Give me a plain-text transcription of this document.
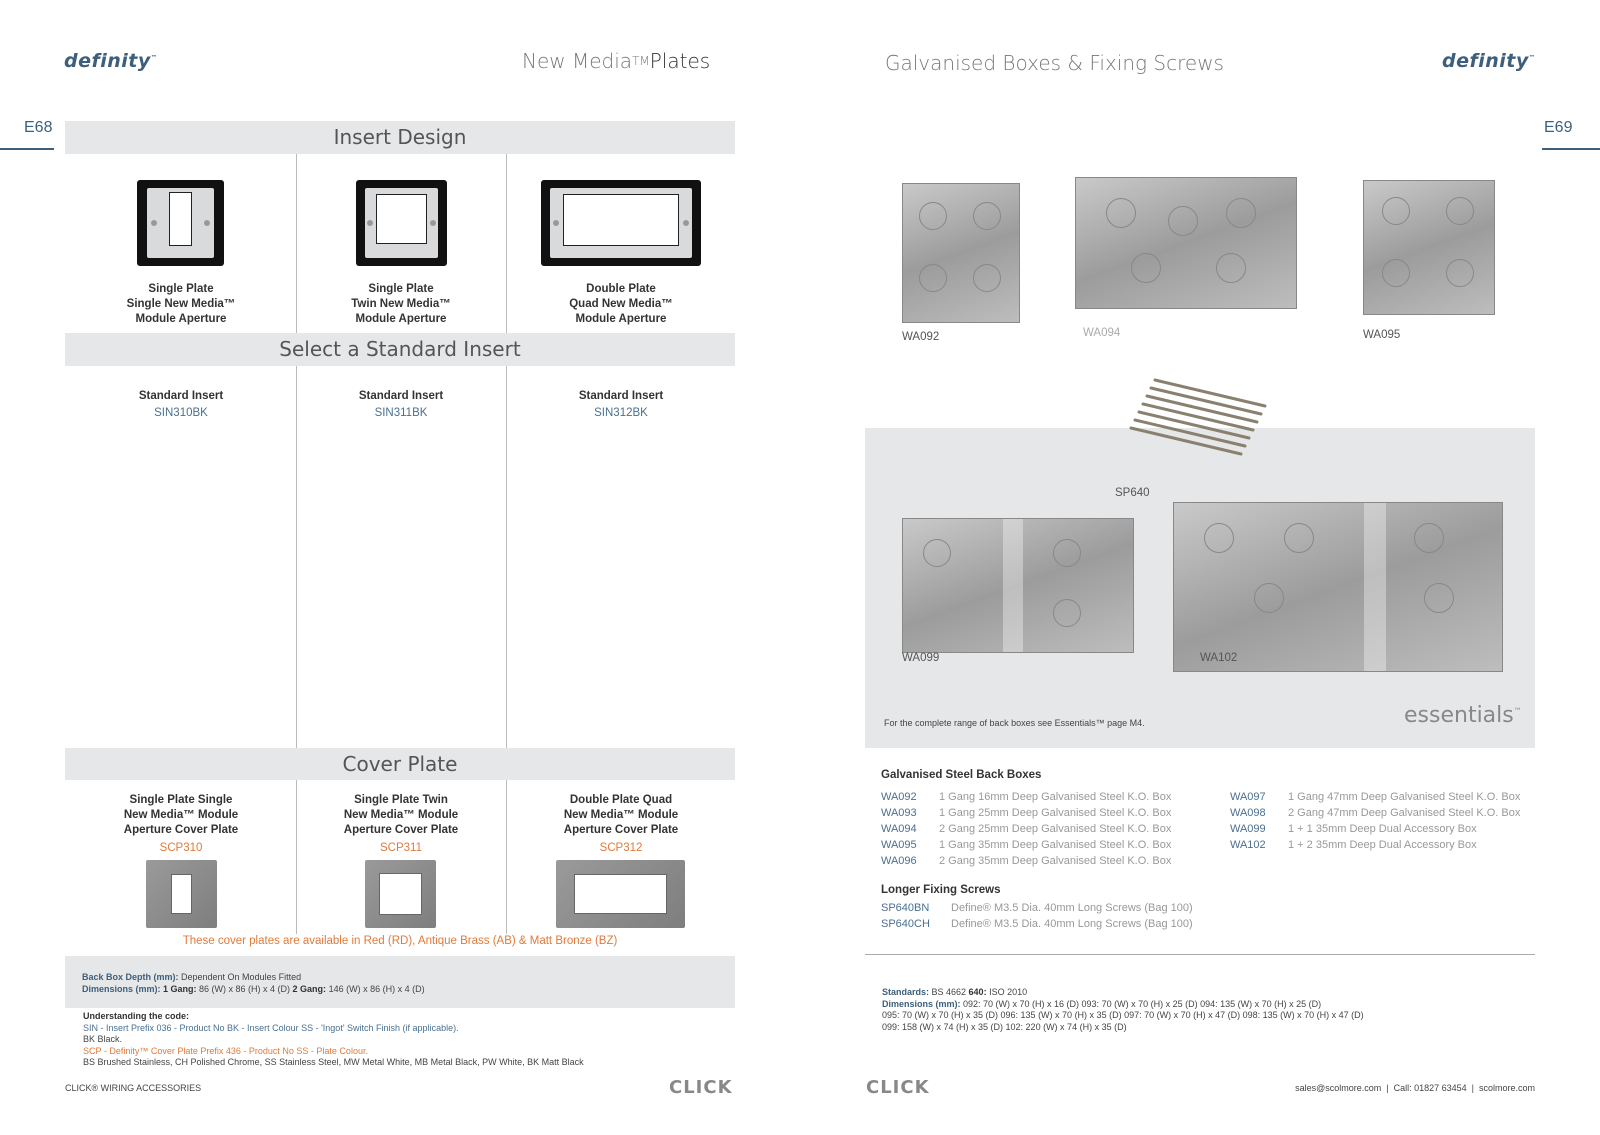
definity™	New MediaTMPlates
E68	Insert Design
Single Plate
Single New Media™
Module Aperture
Single Plate
Twin New Media™
Module Aperture
Double Plate
Quad New Media™
Module Aperture
Select a Standard Insert
Standard Insert
SIN310BK
Standard Insert
SIN311BK
Standard Insert
SIN312BK
Cover Plate
Single Plate Single
New Media™ Module
Aperture Cover Plate
SCP310
Single Plate Twin
New Media™ Module
Aperture Cover Plate
SCP311
Double Plate Quad
New Media™ Module
Aperture Cover Plate
SCP312
These cover plates are available in Red (RD), Antique Brass (AB) & Matt Bronze (BZ)
Back Box Depth (mm): Dependent On Modules Fitted
Dimensions (mm): 1 Gang: 86 (W) x 86 (H) x 4 (D) 2 Gang: 146 (W) x 86 (H) x 4 (D)
Understanding the code:
SIN - Insert Prefix 036 - Product No BK - Insert Colour SS - 'Ingot' Switch Finish (if applicable).
BK Black.
SCP - Definity™ Cover Plate Prefix 436 - Product No SS - Plate Colour.
BS Brushed Stainless, CH Polished Chrome, SS Stainless Steel, MW Metal White, MB Metal Black, PW White, BK Matt Black
CLICK® WIRING ACCESSORIES	CLICK
Galvanised Boxes & Fixing Screws	definity™
E69
WA092	WA094	WA095
SP640
WA099	WA102
For the complete range of back boxes see Essentials™ page M4.	essentials™
Galvanised Steel Back Boxes
WA092 1 Gang 16mm Deep Galvanised Steel K.O. Box
WA093 1 Gang 25mm Deep Galvanised Steel K.O. Box
WA094 2 Gang 25mm Deep Galvanised Steel K.O. Box
WA095 1 Gang 35mm Deep Galvanised Steel K.O. Box
WA096 2 Gang 35mm Deep Galvanised Steel K.O. Box
WA097 1 Gang 47mm Deep Galvanised Steel K.O. Box
WA098 2 Gang 47mm Deep Galvanised Steel K.O. Box
WA099 1 + 1 35mm Deep Dual Accessory Box
WA102 1 + 2 35mm Deep Dual Accessory Box
Longer Fixing Screws
SP640BN Define® M3.5 Dia. 40mm Long Screws (Bag 100)
SP640CH Define® M3.5 Dia. 40mm Long Screws (Bag 100)
Standards: BS 4662 640: ISO 2010
Dimensions (mm): 092: 70 (W) x 70 (H) x 16 (D) 093: 70 (W) x 70 (H) x 25 (D) 094: 135 (W) x 70 (H) x 25 (D)
095: 70 (W) x 70 (H) x 35 (D) 096: 135 (W) x 70 (H) x 35 (D) 097: 70 (W) x 70 (H) x 47 (D) 098: 135 (W) x 70 (H) x 47 (D)
099: 158 (W) x 74 (H) x 35 (D) 102: 220 (W) x 74 (H) x 35 (D)
CLICK	sales@scolmore.com  |  Call: 01827 63454  |  scolmore.com
